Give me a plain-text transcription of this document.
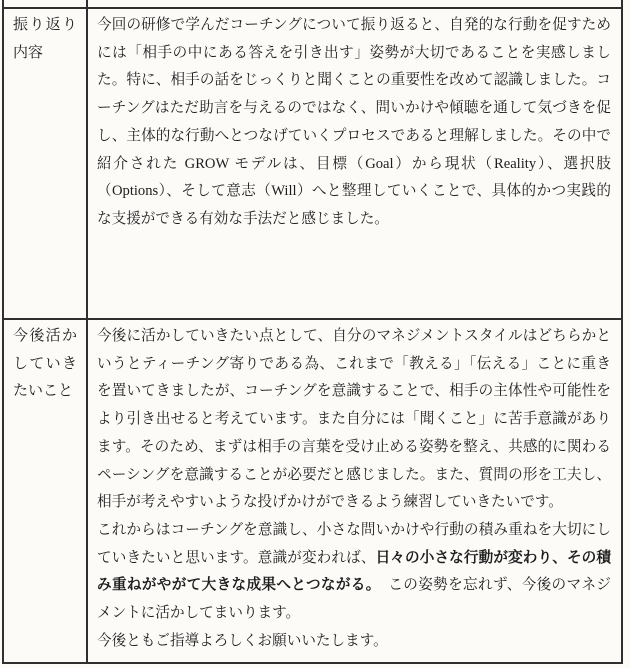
振り返り内容
今回の研修で学んだコーチングについて振り返ると、自発的な行動を促すためには「相手の中にある答えを引き出す」姿勢が大切であることを実感しました。特に、相手の話をじっくりと聞くことの重要性を改めて認識しました。コーチングはただ助言を与えるのではなく、問いかけや傾聴を通して気づきを促し、主体的な行動へとつなげていくプロセスであると理解しました。その中で紹介された GROW モデルは、目標（Goal）から現状（Reality）、選択肢（Options）、そして意志（Will）へと整理していくことで、具体的かつ実践的な支援ができる有効な手法だと感じました。
今後活かしていきたいこと
今後に活かしていきたい点として、自分のマネジメントスタイルはどちらかというとティーチング寄りである為、これまで「教える」「伝える」ことに重きを置いてきましたが、コーチングを意識することで、相手の主体性や可能性をより引き出せると考えています。また自分には「聞くこと」に苦手意識があります。そのため、まずは相手の言葉を受け止める姿勢を整え、共感的に関わるペーシングを意識することが必要だと感じました。また、質問の形を工夫し、相手が考えやすいような投げかけができるよう練習していきたいです。
これからはコーチングを意識し、小さな問いかけや行動の積み重ねを大切にしていきたいと思います。意識が変われば、日々の小さな行動が変わり、その積み重ねがやがて大きな成果へとつながる。　この姿勢を忘れず、今後のマネジメントに活かしてまいります。
今後ともご指導よろしくお願いいたします。
